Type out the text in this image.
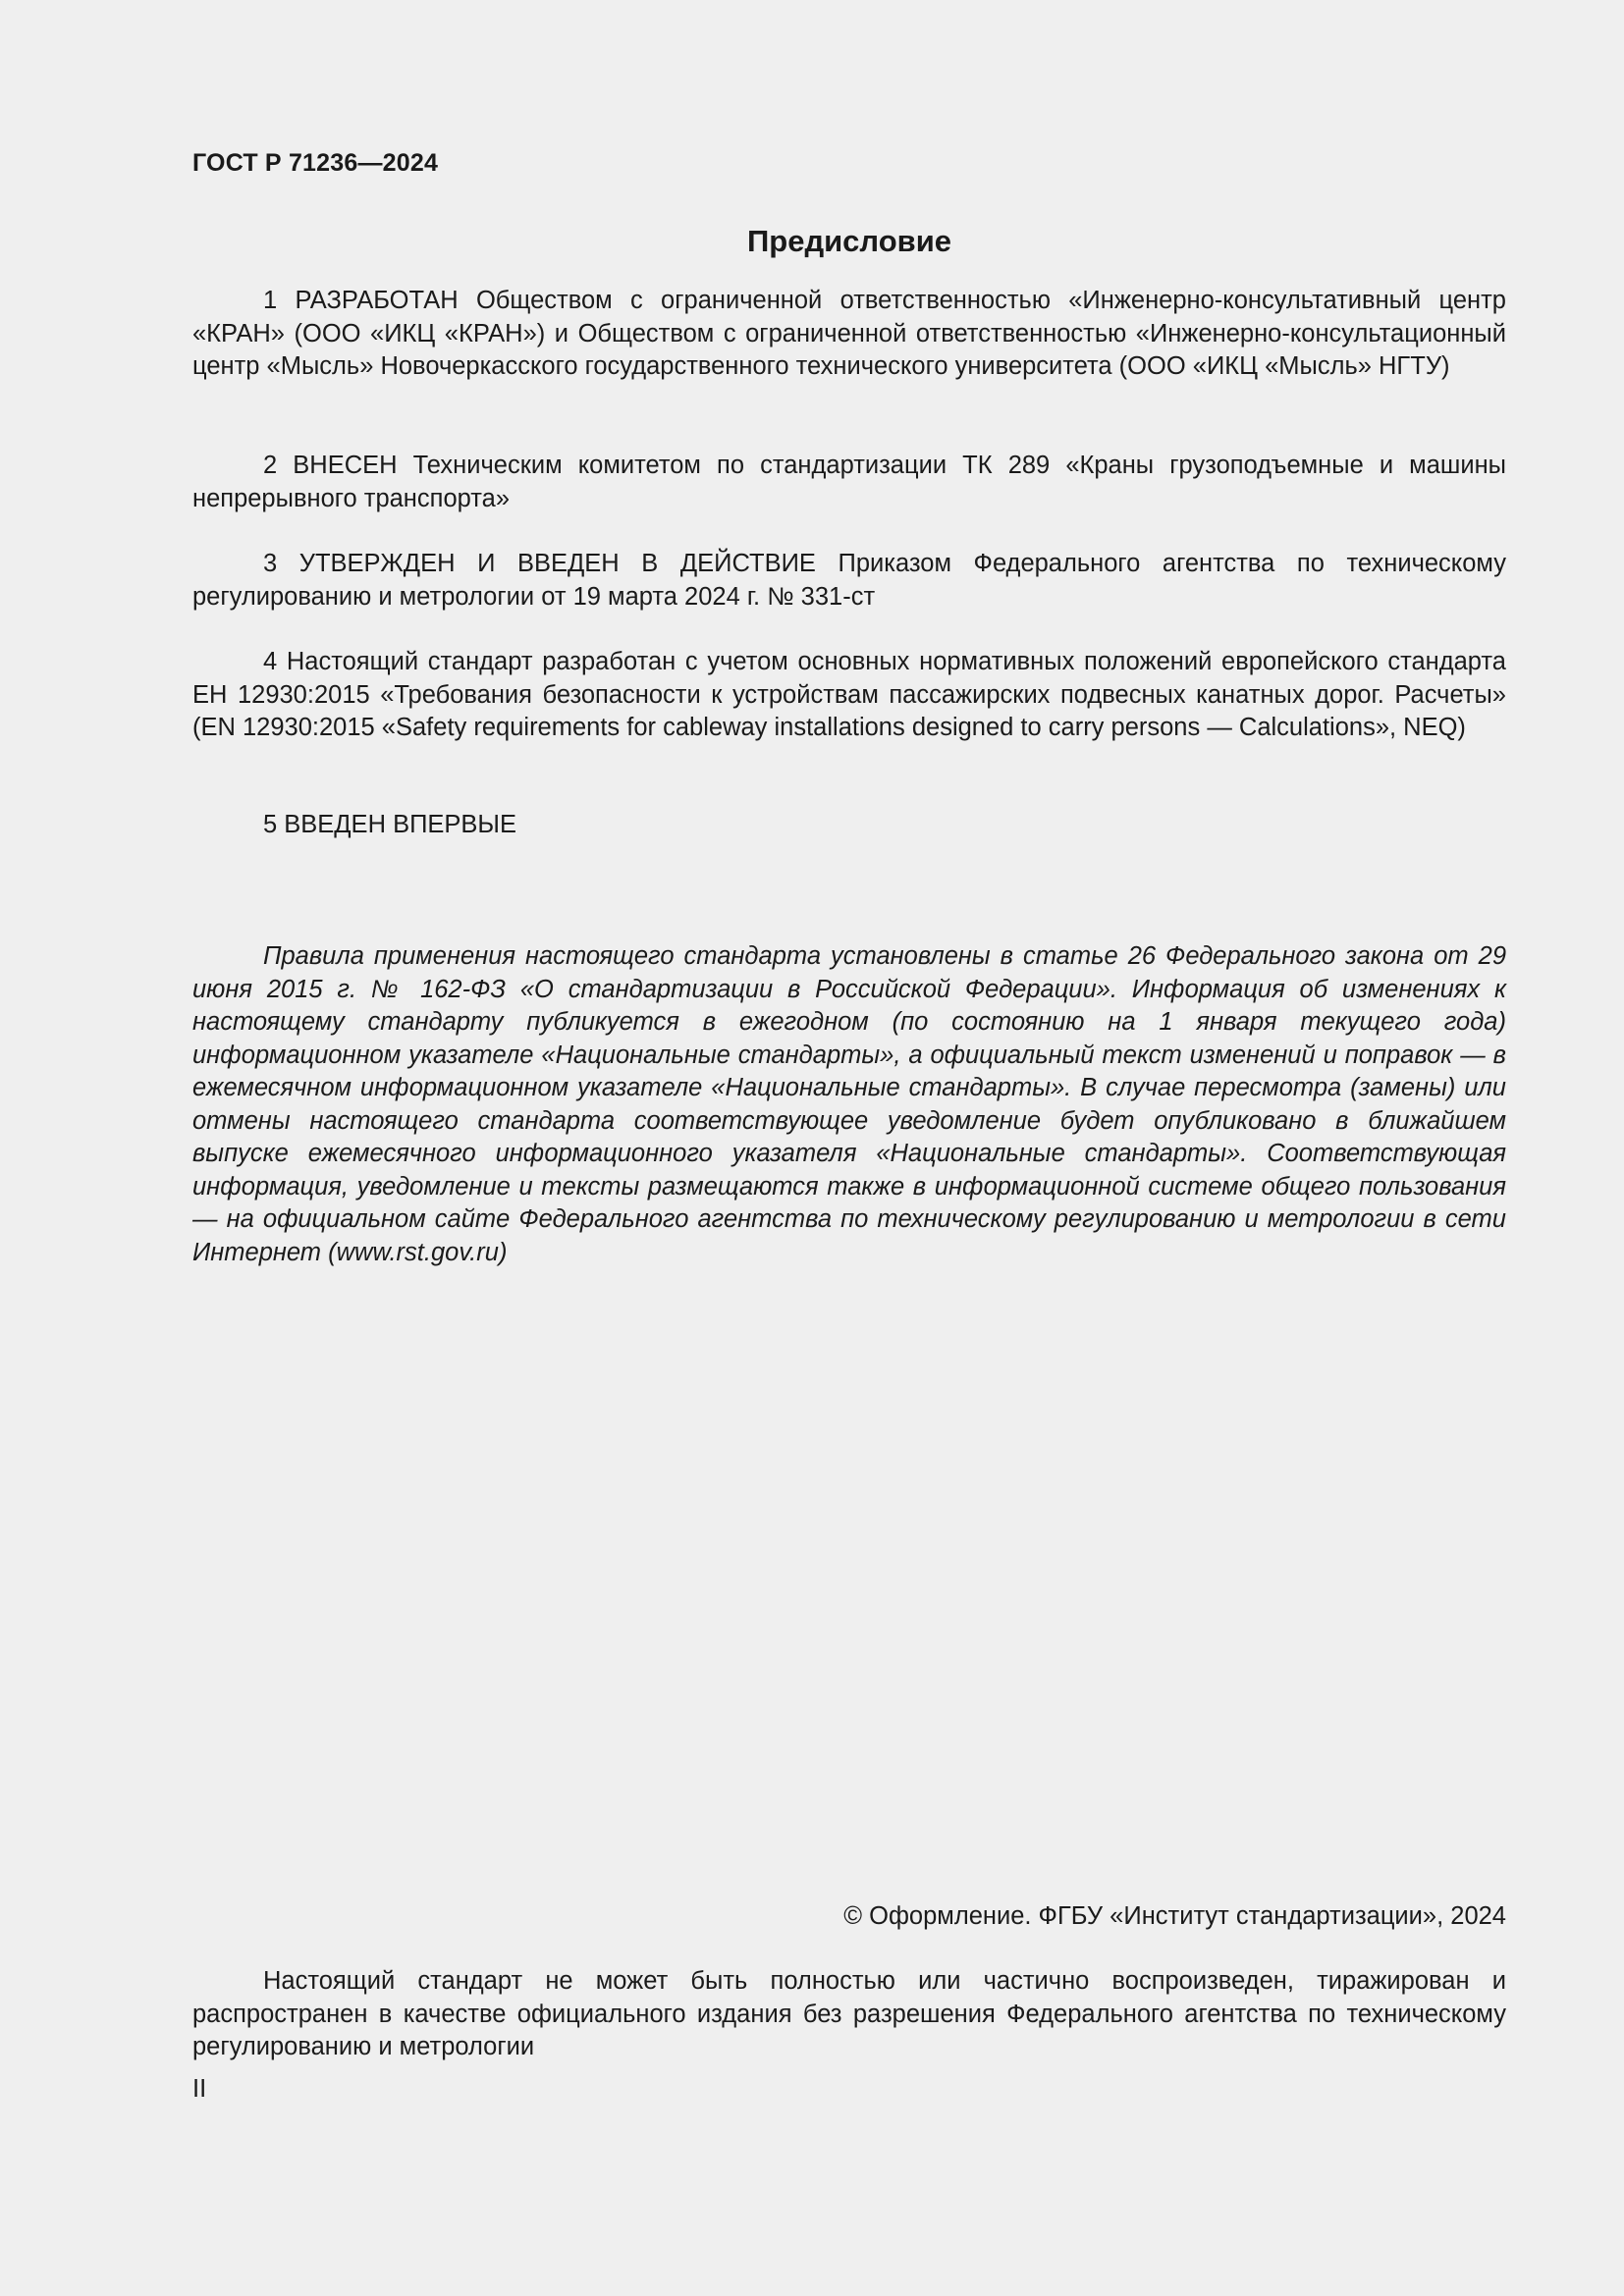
ГОСТ Р 71236—2024
Предисловие

1 РАЗРАБОТАН Обществом с ограниченной ответственностью «Инженерно-консультативный центр «КРАН» (ООО «ИКЦ «КРАН») и Обществом с ограниченной ответственностью «Инженерно-консультационный центр «Мысль» Новочеркасского государственного технического университета (ООО «ИКЦ «Мысль» НГТУ)

2 ВНЕСЕН Техническим комитетом по стандартизации ТК 289 «Краны грузоподъемные и машины непрерывного транспорта»

3 УТВЕРЖДЕН И ВВЕДЕН В ДЕЙСТВИЕ Приказом Федерального агентства по техническому регулированию и метрологии от 19 марта 2024 г. № 331-ст

4 Настоящий стандарт разработан с учетом основных нормативных положений европейского стандарта ЕН 12930:2015 «Требования безопасности к устройствам пассажирских подвесных канатных дорог. Расчеты» (EN 12930:2015 «Safety requirements for cableway installations designed to carry persons — Calculations», NEQ)

5 ВВЕДЕН ВПЕРВЫЕ

Правила применения настоящего стандарта установлены в статье 26 Федерального закона от 29 июня 2015 г. № 162-ФЗ «О стандартизации в Российской Федерации». Информация об изменениях к настоящему стандарту публикуется в ежегодном (по состоянию на 1 января текущего года) информационном указателе «Национальные стандарты», а официальный текст изменений и поправок — в ежемесячном информационном указателе «Национальные стандарты». В случае пересмотра (замены) или отмены настоящего стандарта соответствующее уведомление будет опубликовано в ближайшем выпуске ежемесячного информационного указателя «Национальные стандарты». Соответствующая информация, уведомление и тексты размещаются также в информационной системе общего пользования — на официальном сайте Федерального агентства по техническому регулированию и метрологии в сети Интернет (www.rst.gov.ru)

© Оформление. ФГБУ «Институт стандартизации», 2024

Настоящий стандарт не может быть полностью или частично воспроизведен, тиражирован и распространен в качестве официального издания без разрешения Федерального агентства по техническому регулированию и метрологии

II
